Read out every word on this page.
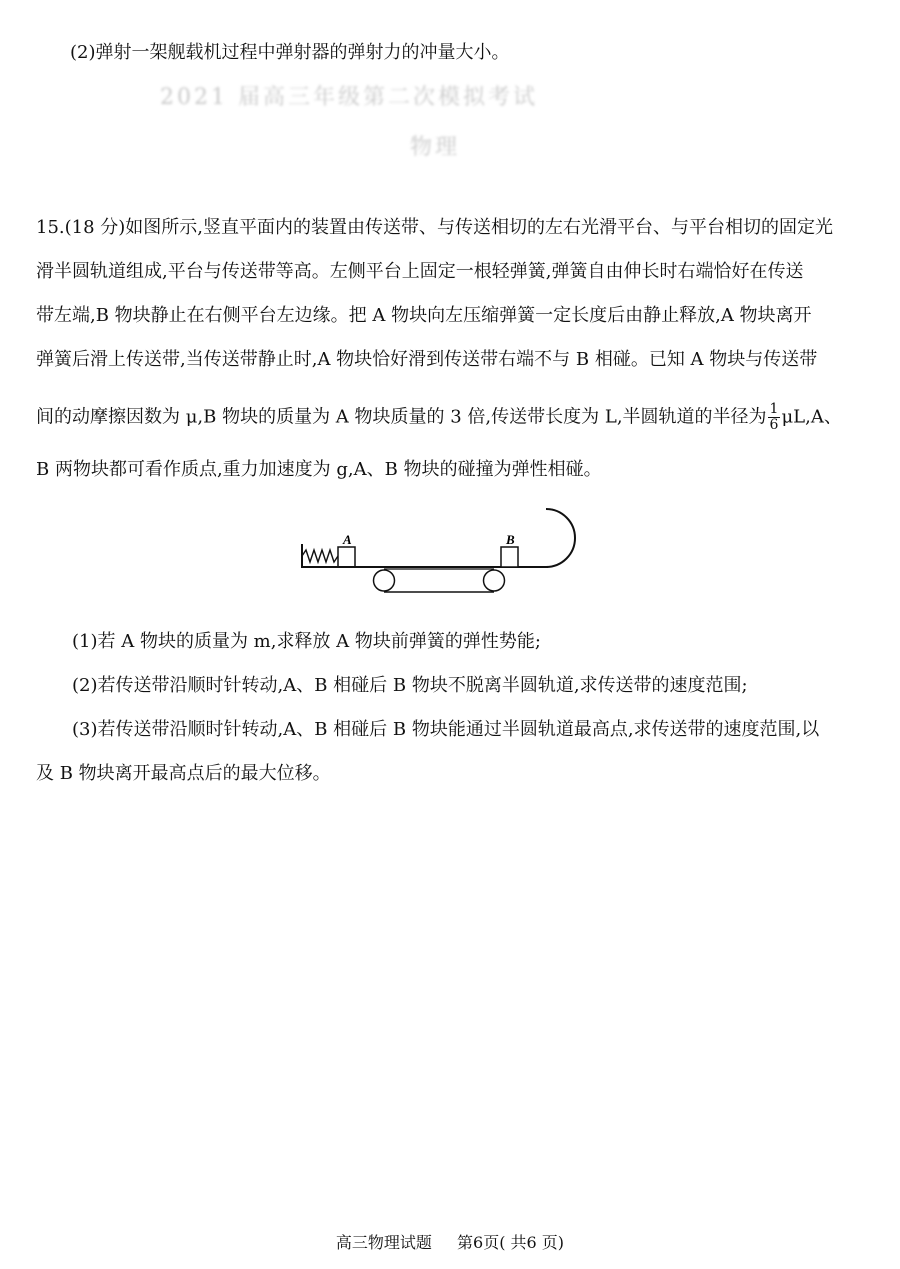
(2)弹射一架舰载机过程中弹射器的弹射力的冲量大小。
2021 届高三年级第二次模拟考试
物理
15.(18 分)如图所示,竖直平面内的装置由传送带、与传送相切的左右光滑平台、与平台相切的固定光
滑半圆轨道组成,平台与传送带等高。左侧平台上固定一根轻弹簧,弹簧自由伸长时右端恰好在传送
带左端,B 物块静止在右侧平台左边缘。把 A 物块向左压缩弹簧一定长度后由静止释放,A 物块离开
弹簧后滑上传送带,当传送带静止时,A 物块恰好滑到传送带右端不与 B 相碰。已知 A 物块与传送带
间的动摩擦因数为 μ,B 物块的质量为 A 物块质量的 3 倍,传送带长度为 L,半圆轨道的半径为 $\frac{1}{6} \mu L,A$、
B 两物块都可看作质点,重力加速度为 g,A、B 物块的碰撞为弹性相碰。
A	B
(1)若 A 物块的质量为 m,求释放 A 物块前弹簧的弹性势能;
(2)若传送带沿顺时针转动,A、B 相碰后 B 物块不脱离半圆轨道,求传送带的速度范围;
(3)若传送带沿顺时针转动,A、B 相碰后 B 物块能通过半圆轨道最高点,求传送带的速度范围,以
及 B 物块离开最高点后的最大位移。
高三物理试题 第6页( 共6 页)
